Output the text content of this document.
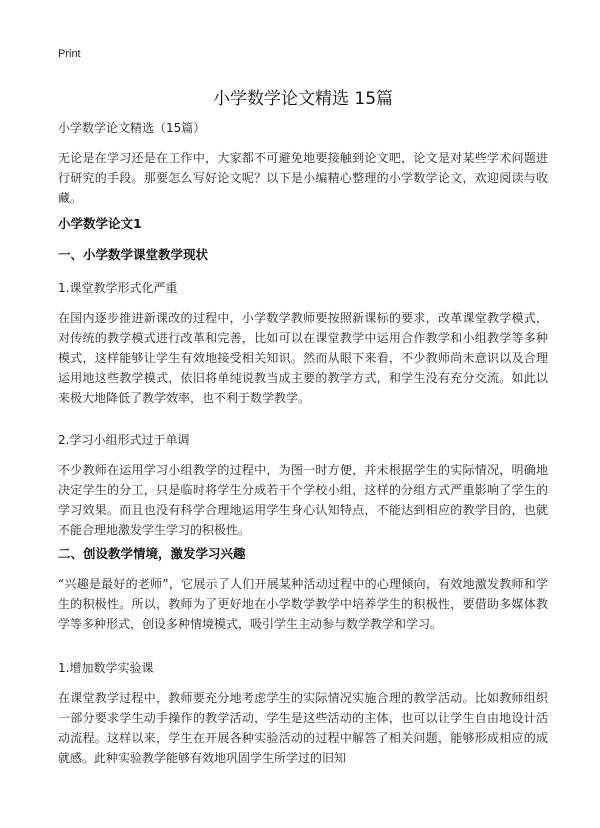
Print
小学数学论文精选 15篇

小学数学论文精选（15篇）

无论是在学习还是在工作中，大家都不可避免地要接触到论文吧，论文是对某些学术问题进行研究的手段。那要怎么写好论文呢？以下是小编精心整理的小学数学论文，欢迎阅读与收藏。

小学数学论文1

一、小学数学课堂教学现状

1.课堂教学形式化严重

在国内逐步推进新课改的过程中，小学数学教师要按照新课标的要求，改革课堂教学模式，对传统的教学模式进行改革和完善，比如可以在课堂教学中运用合作教学和小组教学等多种模式，这样能够让学生有效地接受相关知识。然而从眼下来看，不少教师尚未意识以及合理运用地这些教学模式，依旧将单纯说教当成主要的教学方式，和学生没有充分交流。如此以来极大地降低了教学效率，也不利于数学教学。

2.学习小组形式过于单调

不少教师在运用学习小组教学的过程中，为图一时方便，并未根据学生的实际情况，明确地决定学生的分工，只是临时将学生分成若干个学校小组，这样的分组方式严重影响了学生的学习效果。而且也没有科学合理地运用学生身心认知特点，不能达到相应的教学目的，也就不能合理地激发学生学习的积极性。

二、创设教学情境，激发学习兴趣

“兴趣是最好的老师”，它展示了人们开展某种活动过程中的心理倾向，有效地激发教师和学生的积极性。所以，教师为了更好地在小学数学教学中培养学生的积极性，要借助多媒体教学等多种形式，创设多种情境模式，吸引学生主动参与数学教学和学习。

1.增加数学实验课

在课堂教学过程中，教师要充分地考虑学生的实际情况实施合理的教学活动。比如教师组织一部分要求学生动手操作的教学活动，学生是这些活动的主体，也可以让学生自由地设计活动流程。这样以来，学生在开展各种实验活动的过程中解答了相关问题，能够形成相应的成就感。此种实验教学能够有效地巩固学生所学过的旧知
